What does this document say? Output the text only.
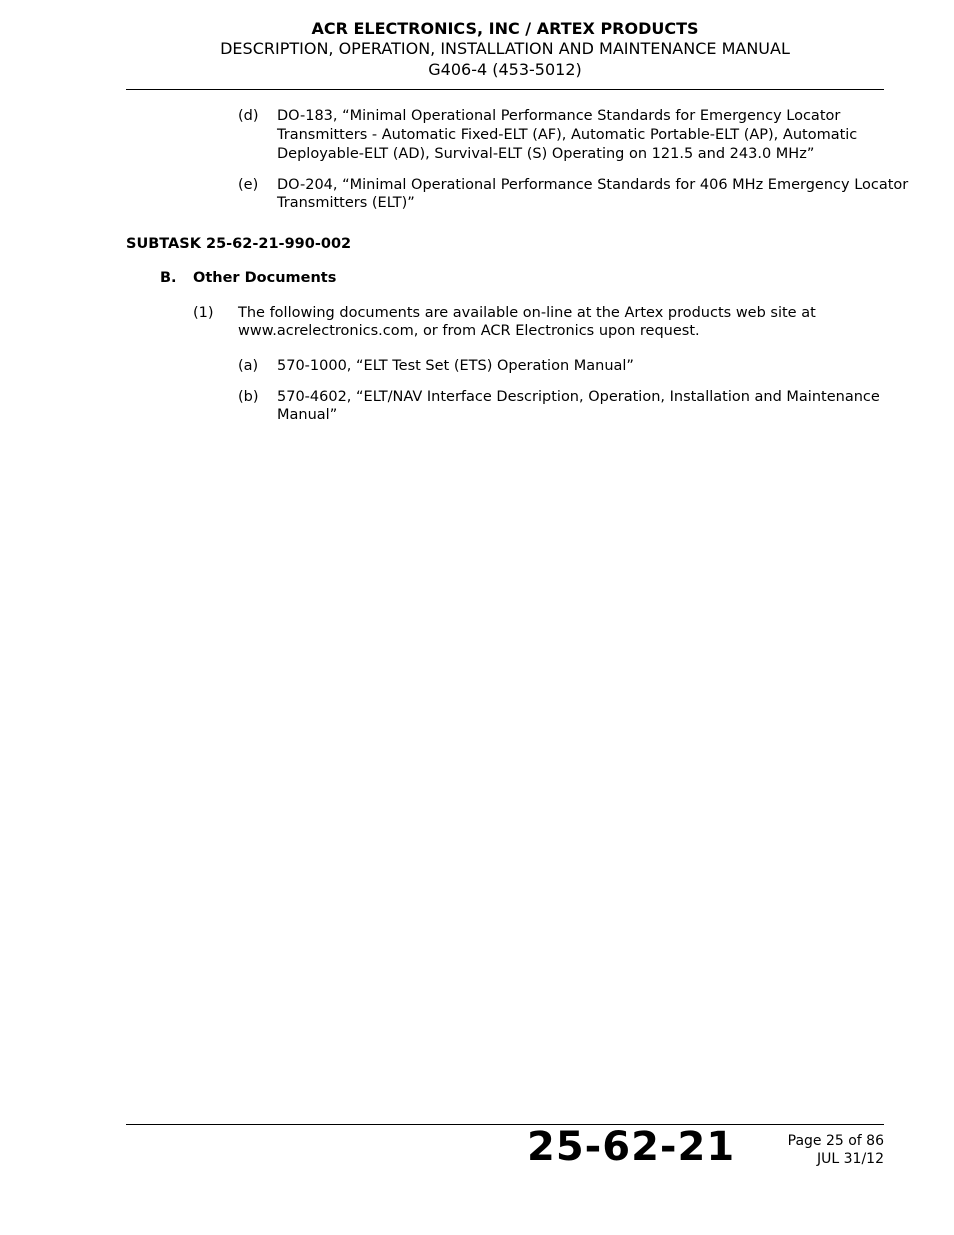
ACR ELECTRONICS, INC / ARTEX PRODUCTS
DESCRIPTION, OPERATION, INSTALLATION AND MAINTENANCE MANUAL
G406-4 (453-5012)
(d) DO-183, “Minimal Operational Performance Standards for Emergency Locator
Transmitters - Automatic Fixed-ELT (AF), Automatic Portable-ELT (AP), Automatic
Deployable-ELT (AD), Survival-ELT (S) Operating on 121.5 and 243.0 MHz”
(e) DO-204, “Minimal Operational Performance Standards for 406 MHz Emergency Locator
Transmitters (ELT)”
SUBTASK 25-62-21-990-002
B. Other Documents
(1) The following documents are available on-line at the Artex products web site at
www.acrelectronics.com, or from ACR Electronics upon request.
(a) 570-1000, “ELT Test Set (ETS) Operation Manual”
(b) 570-4602, “ELT/NAV Interface Description, Operation, Installation and Maintenance
Manual”
25-62-21	Page 25 of 86
JUL 31/12
